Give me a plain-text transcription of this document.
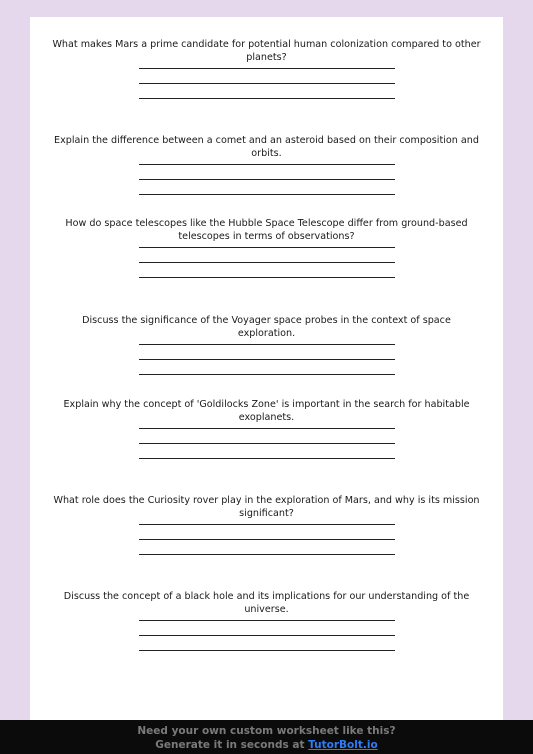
What makes Mars a prime candidate for potential human colonization compared to other planets?

Explain the difference between a comet and an asteroid based on their composition and orbits.

How do space telescopes like the Hubble Space Telescope differ from ground-based telescopes in terms of observations?

Discuss the significance of the Voyager space probes in the context of space exploration.

Explain why the concept of 'Goldilocks Zone' is important in the search for habitable exoplanets.

What role does the Curiosity rover play in the exploration of Mars, and why is its mission significant?

Discuss the concept of a black hole and its implications for our understanding of the universe.

Need your own custom worksheet like this?
Generate it in seconds at TutorBolt.io
